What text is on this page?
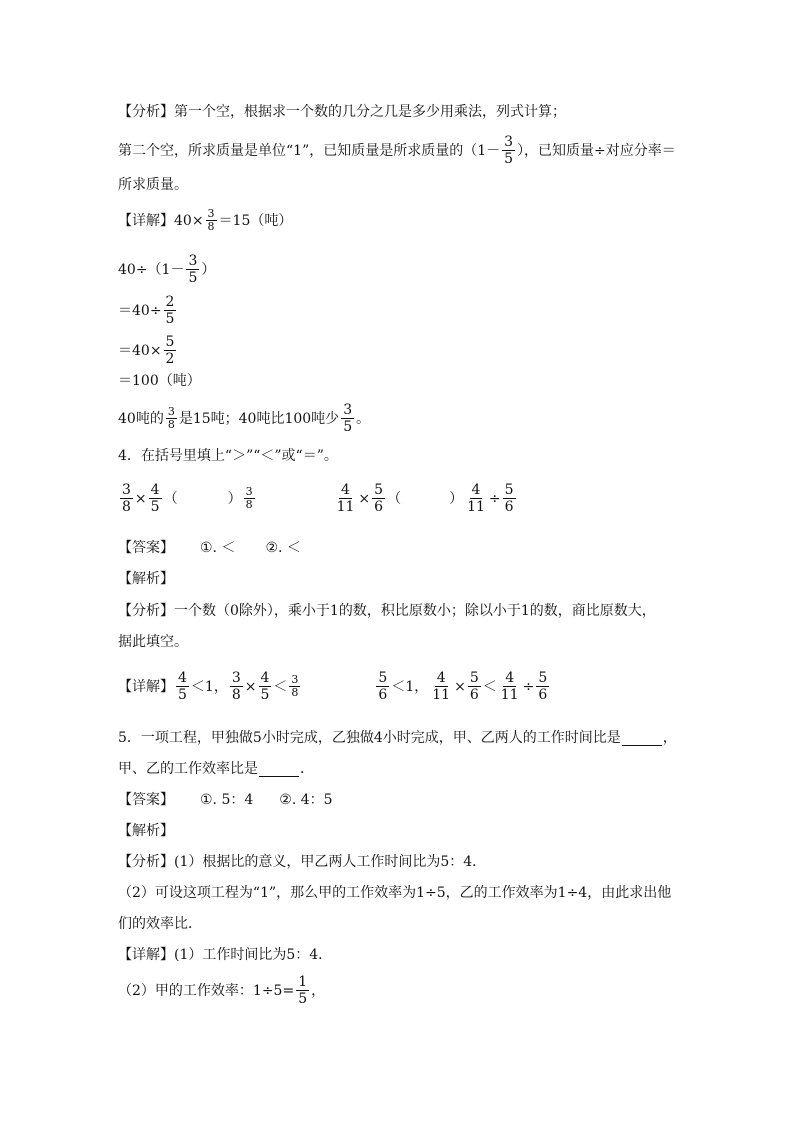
【分析】第一个空，根据求一个数的几分之几是多少用乘法，列式计算；
第二个空，所求质量是单位“1”，已知质量是所求质量的（$1- \frac{3}{5}$ ），已知质量÷对应分率＝
所求质量。
【详解】$40\times \frac{3}{8} =15$（吨）
$40\div(1- \frac{3}{5}$ ）
$=40\div \frac{2}{5}$
$=40\times \frac{5}{2}$
＝100（吨）
40吨的 $\frac{3}{8}$ 是15吨；40吨比100吨少 $\frac{3}{5}$ 。
4．在括号里填上“＞”“＜”或“＝”。
$\frac{3}{8} \times \frac{4}{5}$ （	） $\frac{3}{8}$	$\frac{4}{11} \times \frac{5}{6}$ （	） $\frac{4}{11} \div \frac{5}{6}$
【答案】 ①. ＜ ②. ＜
【解析】
【分析】一个数（0除外），乘小于1的数，积比原数小；除以小于1的数，商比原数大，
据此填空。
【详解】 $\frac{4}{5} <1$， $\frac{3}{8} \times \frac{4}{5} < \frac{3}{8}$	$\frac{5}{6} <1$， $\frac{4}{11} \times \frac{5}{6} < \frac{4}{11} \div \frac{5}{6}$
5．一项工程，甲独做5小时完成，乙独做4小时完成，甲、乙两人的工作时间比是	，
甲、乙的工作效率比是	．
【答案】 ①. 5：4 ②. 4：5
【解析】
【分析】(1）根据比的意义，甲乙两人工作时间比为5：4．
（2）可设这项工程为“1”，那么甲的工作效率为1÷5，乙的工作效率为1÷4，由此求出他
们的效率比．
【详解】(1）工作时间比为5：4．
（2）甲的工作效率：$1\div 5= \frac{1}{5}$ ，
